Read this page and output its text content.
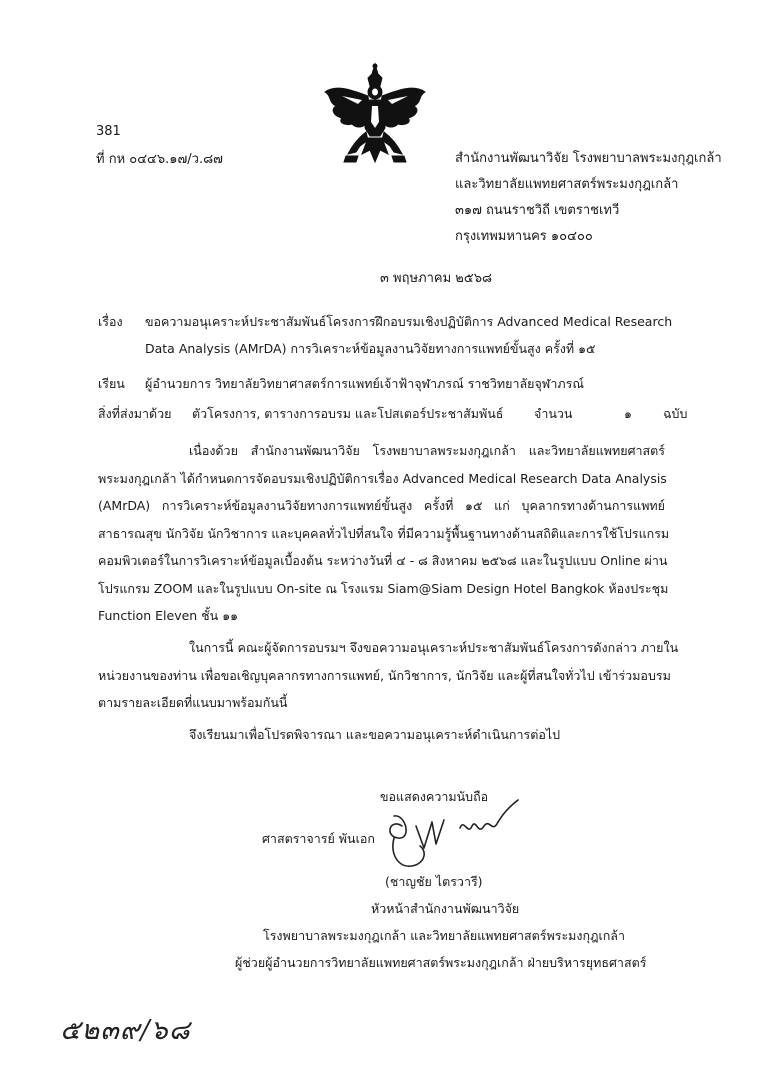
381
ที่ กห ๐๔๔๖.๑๗/ว.๘๗	สำนักงานพัฒนาวิจัย โรงพยาบาลพระมงกุฎเกล้า
และวิทยาลัยแพทยศาสตร์พระมงกุฎเกล้า
๓๑๗ ถนนราชวิถี เขตราชเทวี
กรุงเทพมหานคร ๑๐๔๐๐
๓ พฤษภาคม ๒๕๖๘
เรื่อง ขอความอนุเคราะห์ประชาสัมพันธ์โครงการฝึกอบรมเชิงปฏิบัติการ Advanced Medical Research
Data Analysis (AMrDA) การวิเคราะห์ข้อมูลงานวิจัยทางการแพทย์ขั้นสูง ครั้งที่ ๑๕
เรียน ผู้อำนวยการ วิทยาลัยวิทยาศาสตร์การแพทย์เจ้าฟ้าจุฬาภรณ์ ราชวิทยาลัยจุฬาภรณ์
สิ่งที่ส่งมาด้วย ตัวโครงการ, ตารางการอบรม และโปสเตอร์ประชาสัมพันธ์ จำนวน	๑ ฉบับ
เนื่องด้วย สำนักงานพัฒนาวิจัย โรงพยาบาลพระมงกุฎเกล้า และวิทยาลัยแพทยศาสตร์
พระมงกุฎเกล้า ได้กำหนดการจัดอบรมเชิงปฏิบัติการเรื่อง Advanced Medical Research Data Analysis
(AMrDA) การวิเคราะห์ข้อมูลงานวิจัยทางการแพทย์ขั้นสูง ครั้งที่ ๑๕ แก่ บุคลากรทางด้านการแพทย์
สาธารณสุข นักวิจัย นักวิชาการ และบุคคลทั่วไปที่สนใจ ที่มีความรู้พื้นฐานทางด้านสถิติและการใช้โปรแกรม
คอมพิวเตอร์ในการวิเคราะห์ข้อมูลเบื้องต้น ระหว่างวันที่ ๔ - ๘ สิงหาคม ๒๕๖๘ และในรูปแบบ Online ผ่าน
โปรแกรม ZOOM และในรูปแบบ On-site ณ โรงแรม Siam@Siam Design Hotel Bangkok ห้องประชุม
Function Eleven ชั้น ๑๑
ในการนี้ คณะผู้จัดการอบรมฯ จึงขอความอนุเคราะห์ประชาสัมพันธ์โครงการดังกล่าว ภายใน
หน่วยงานของท่าน เพื่อขอเชิญบุคลากรทางการแพทย์, นักวิชาการ, นักวิจัย และผู้ที่สนใจทั่วไป เข้าร่วมอบรม
ตามรายละเอียดที่แนบมาพร้อมกันนี้
จึงเรียนมาเพื่อโปรดพิจารณา และขอความอนุเคราะห์ดำเนินการต่อไป
ขอแสดงความนับถือ
ศาสตราจารย์ พันเอก
(ชาญชัย ไตรวารี)
หัวหน้าสำนักงานพัฒนาวิจัย
โรงพยาบาลพระมงกุฎเกล้า และวิทยาลัยแพทยศาสตร์พระมงกุฎเกล้า
ผู้ช่วยผู้อำนวยการวิทยาลัยแพทยศาสตร์พระมงกุฎเกล้า ฝ่ายบริหารยุทธศาสตร์
๕๒๓๙/๖๘
